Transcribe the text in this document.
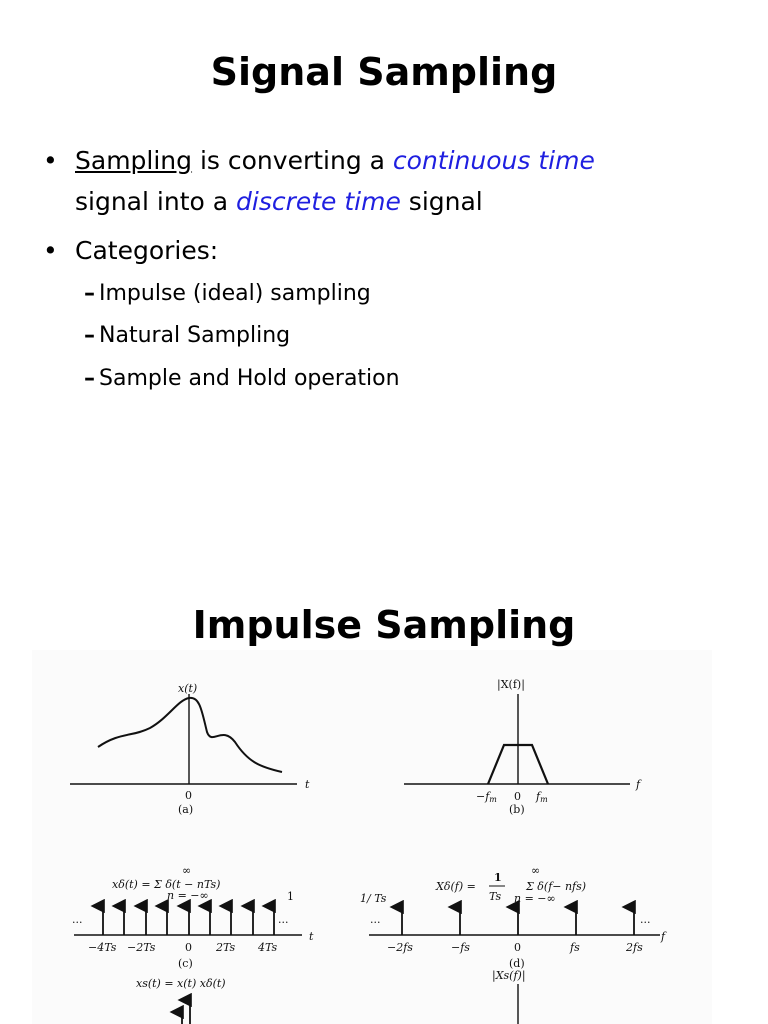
Signal Sampling
• Sampling is converting a continuous time
signal into a discrete time signal
• Categories:
– Impulse (ideal) sampling
– Natural Sampling
– Sample and Hold operation
Impulse Sampling
x(t)
t
0
(a)
|X(f)|
f
−fm 0 fm
(b)
xδ(t) = Σ δ(t − nTs)
∞
n = −∞
···	···
1
t
−4Ts −2Ts	0 2Ts 4Ts
(c)
Xδ(f) =
1
Ts
Σ δ(f− nfs)
∞
n = −∞
···	···
1/ Ts
f
−2fs	−fs	0	fs	2fs
(d)
xs(t) = x(t) xδ(t)
|Xs(f)|
